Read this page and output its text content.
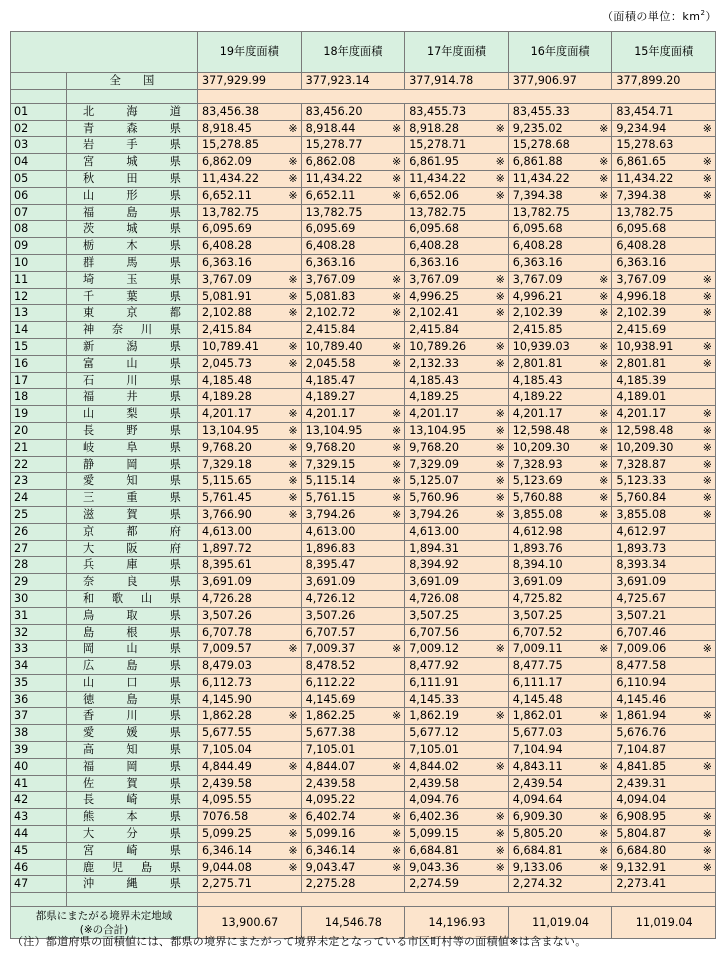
（面積の単位：$km^2$）
		19年度面積	18年度面積	17年度面積	16年度面積	15年度面積
	全　　国	377,929.99	377,923.14	377,914.78	377,906.97	377,899.20

01	北 海 道	83,456.38	83,456.20	83,455.73	83,455.33	83,454.71

02	青 森 県	8,918.45 ※	8,918.44 ※	8,918.28 ※	9,235.02 ※	9,234.94 ※

03	岩 手 県	15,278.85	15,278.77	15,278.71	15,278.68	15,278.63

04	宮 城 県	6,862.09 ※	6,862.08 ※	6,861.95 ※	6,861.88 ※	6,861.65 ※

05	秋 田 県	11,434.22 ※	11,434.22 ※	11,434.22 ※	11,434.22 ※	11,434.22 ※

06	山 形 県	6,652.11 ※	6,652.11 ※	6,652.06 ※	7,394.38 ※	7,394.38 ※

07	福 島 県	13,782.75	13,782.75	13,782.75	13,782.75	13,782.75

08	茨 城 県	6,095.69	6,095.69	6,095.68	6,095.68	6,095.68

09	栃 木 県	6,408.28	6,408.28	6,408.28	6,408.28	6,408.28

10	群 馬 県	6,363.16	6,363.16	6,363.16	6,363.16	6,363.16

11	埼 玉 県	3,767.09 ※	3,767.09 ※	3,767.09 ※	3,767.09 ※	3,767.09 ※

12	千 葉 県	5,081.91 ※	5,081.83 ※	4,996.25 ※	4,996.21 ※	4,996.18 ※

13	東 京 都	2,102.88 ※	2,102.72 ※	2,102.41 ※	2,102.39 ※	2,102.39 ※

14	神 奈 川 県	2,415.84	2,415.84	2,415.84	2,415.85	2,415.69

15	新 潟 県	10,789.41 ※	10,789.40 ※	10,789.26 ※	10,939.03 ※	10,938.91 ※

16	富 山 県	2,045.73 ※	2,045.58 ※	2,132.33 ※	2,801.81 ※	2,801.81 ※

17	石 川 県	4,185.48	4,185.47	4,185.43	4,185.43	4,185.39

18	福 井 県	4,189.28	4,189.27	4,189.25	4,189.22	4,189.01

19	山 梨 県	4,201.17 ※	4,201.17 ※	4,201.17 ※	4,201.17 ※	4,201.17 ※

20	長 野 県	13,104.95 ※	13,104.95 ※	13,104.95 ※	12,598.48 ※	12,598.48 ※

21	岐 阜 県	9,768.20 ※	9,768.20 ※	9,768.20 ※	10,209.30 ※	10,209.30 ※

22	静 岡 県	7,329.18 ※	7,329.15 ※	7,329.09 ※	7,328.93 ※	7,328.87 ※

23	愛 知 県	5,115.65 ※	5,115.14 ※	5,125.07 ※	5,123.69 ※	5,123.33 ※

24	三 重 県	5,761.45 ※	5,761.15 ※	5,760.96 ※	5,760.88 ※	5,760.84 ※

25	滋 賀 県	3,766.90 ※	3,794.26 ※	3,794.26 ※	3,855.08 ※	3,855.08 ※

26	京 都 府	4,613.00	4,613.00	4,613.00	4,612.98	4,612.97

27	大 阪 府	1,897.72	1,896.83	1,894.31	1,893.76	1,893.73

28	兵 庫 県	8,395.61	8,395.47	8,394.92	8,394.10	8,393.34

29	奈 良 県	3,691.09	3,691.09	3,691.09	3,691.09	3,691.09

30	和 歌 山 県	4,726.28	4,726.12	4,726.08	4,725.82	4,725.67

31	鳥 取 県	3,507.26	3,507.26	3,507.25	3,507.25	3,507.21

32	島 根 県	6,707.78	6,707.57	6,707.56	6,707.52	6,707.46

33	岡 山 県	7,009.57 ※	7,009.37 ※	7,009.12 ※	7,009.11 ※	7,009.06 ※

34	広 島 県	8,479.03	8,478.52	8,477.92	8,477.75	8,477.58

35	山 口 県	6,112.73	6,112.22	6,111.91	6,111.17	6,110.94

36	徳 島 県	4,145.90	4,145.69	4,145.33	4,145.48	4,145.46

37	香 川 県	1,862.28 ※	1,862.25 ※	1,862.19 ※	1,862.01 ※	1,861.94 ※

38	愛 媛 県	5,677.55	5,677.38	5,677.12	5,677.03	5,676.76

39	高 知 県	7,105.04	7,105.01	7,105.01	7,104.94	7,104.87

40	福 岡 県	4,844.49 ※	4,844.07 ※	4,844.02 ※	4,843.11 ※	4,841.85 ※

41	佐 賀 県	2,439.58	2,439.58	2,439.58	2,439.54	2,439.31

42	長 崎 県	4,095.55	4,095.22	4,094.76	4,094.64	4,094.04

43	熊 本 県	7076.58 ※	6,402.74 ※	6,402.36 ※	6,909.30 ※	6,908.95 ※

44	大 分 県	5,099.25 ※	5,099.16 ※	5,099.15 ※	5,805.20 ※	5,804.87 ※

45	宮 崎 県	6,346.14 ※	6,346.14 ※	6,684.81 ※	6,684.81 ※	6,684.80 ※

46	鹿 児 島 県	9,044.08 ※	9,043.47 ※	9,043.36 ※	9,133.06 ※	9,132.91 ※

47	沖 縄 県	2,275.71	2,275.28	2,274.59	2,274.32	2,273.41

都県にまたがる境界未定地域
(※の合計)		13,900.67	14,546.78	14,196.93	11,019.04	11,019.04
（注）都道府県の面積値には、都県の境界にまたがって境界未定となっている市区町村等の面積値※は含まない。
